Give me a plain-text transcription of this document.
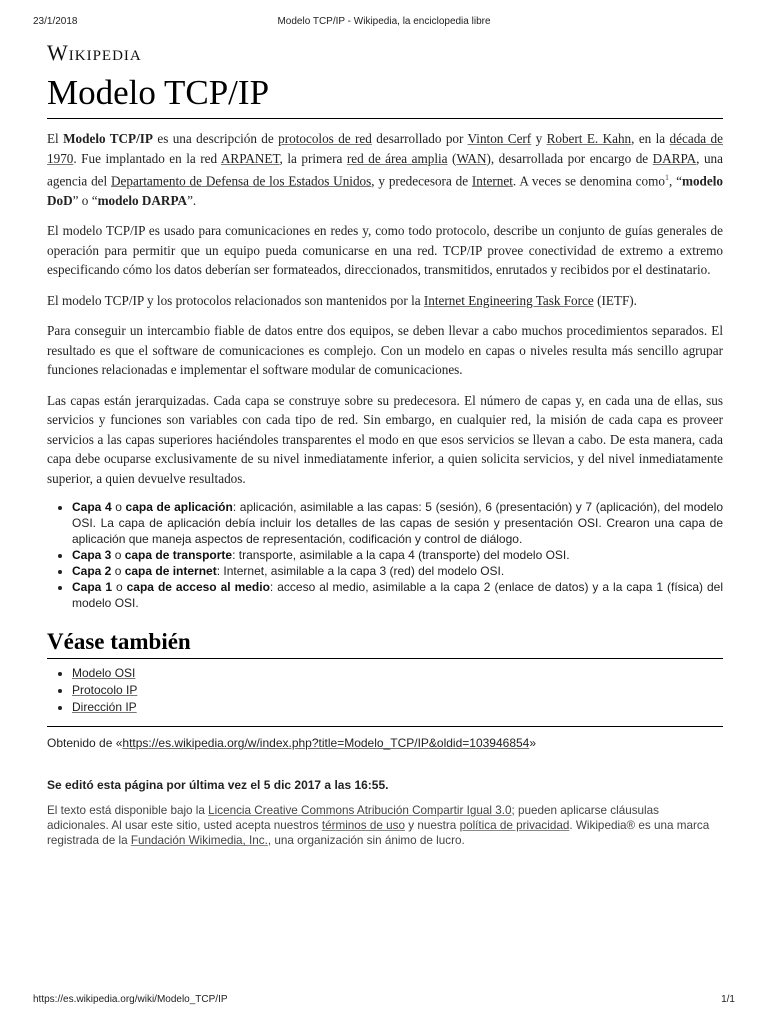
23/1/2018	Modelo TCP/IP - Wikipedia, la enciclopedia libre
Wikipedia
Modelo TCP/IP

El Modelo TCP/IP es una descripción de protocolos de red desarrollado por Vinton Cerf y Robert E. Kahn, en la década de 1970. Fue implantado en la red ARPANET, la primera red de área amplia (WAN), desarrollada por encargo de DARPA, una agencia del Departamento de Defensa de los Estados Unidos, y predecesora de Internet. A veces se denomina como$^1$, “modelo DoD” o “modelo DARPA”.

El modelo TCP/IP es usado para comunicaciones en redes y, como todo protocolo, describe un conjunto de guías generales de operación para permitir que un equipo pueda comunicarse en una red. TCP/IP provee conectividad de extremo a extremo especificando cómo los datos deberían ser formateados, direccionados, transmitidos, enrutados y recibidos por el destinatario.

El modelo TCP/IP y los protocolos relacionados son mantenidos por la Internet Engineering Task Force (IETF).

Para conseguir un intercambio fiable de datos entre dos equipos, se deben llevar a cabo muchos procedimientos separados. El resultado es que el software de comunicaciones es complejo. Con un modelo en capas o niveles resulta más sencillo agrupar funciones relacionadas e implementar el software modular de comunicaciones.

Las capas están jerarquizadas. Cada capa se construye sobre su predecesora. El número de capas y, en cada una de ellas, sus servicios y funciones son variables con cada tipo de red. Sin embargo, en cualquier red, la misión de cada capa es proveer servicios a las capas superiores haciéndoles transparentes el modo en que esos servicios se llevan a cabo. De esta manera, cada capa debe ocuparse exclusivamente de su nivel inmediatamente inferior, a quien solicita servicios, y del nivel inmediatamente superior, a quien devuelve resultados.

• Capa 4 o capa de aplicación: aplicación, asimilable a las capas: 5 (sesión), 6 (presentación) y 7 (aplicación), del modelo OSI. La capa de aplicación debía incluir los detalles de las capas de sesión y presentación OSI. Crearon una capa de aplicación que maneja aspectos de representación, codificación y control de diálogo.
• Capa 3 o capa de transporte: transporte, asimilable a la capa 4 (transporte) del modelo OSI.
• Capa 2 o capa de internet: Internet, asimilable a la capa 3 (red) del modelo OSI.
• Capa 1 o capa de acceso al medio: acceso al medio, asimilable a la capa 2 (enlace de datos) y a la capa 1 (física) del modelo OSI.
Véase también
• Modelo OSI
• Protocolo IP
• Dirección IP
Obtenido de «https://es.wikipedia.org/w/index.php?title=Modelo_TCP/IP&oldid=103946854»
Se editó esta página por última vez el 5 dic 2017 a las 16:55.
El texto está disponible bajo la Licencia Creative Commons Atribución Compartir Igual 3.0; pueden aplicarse cláusulas adicionales. Al usar este sitio, usted acepta nuestros términos de uso y nuestra política de privacidad. Wikipedia® es una marca registrada de la Fundación Wikimedia, Inc., una organización sin ánimo de lucro.
https://es.wikipedia.org/wiki/Modelo_TCP/IP	1/1
